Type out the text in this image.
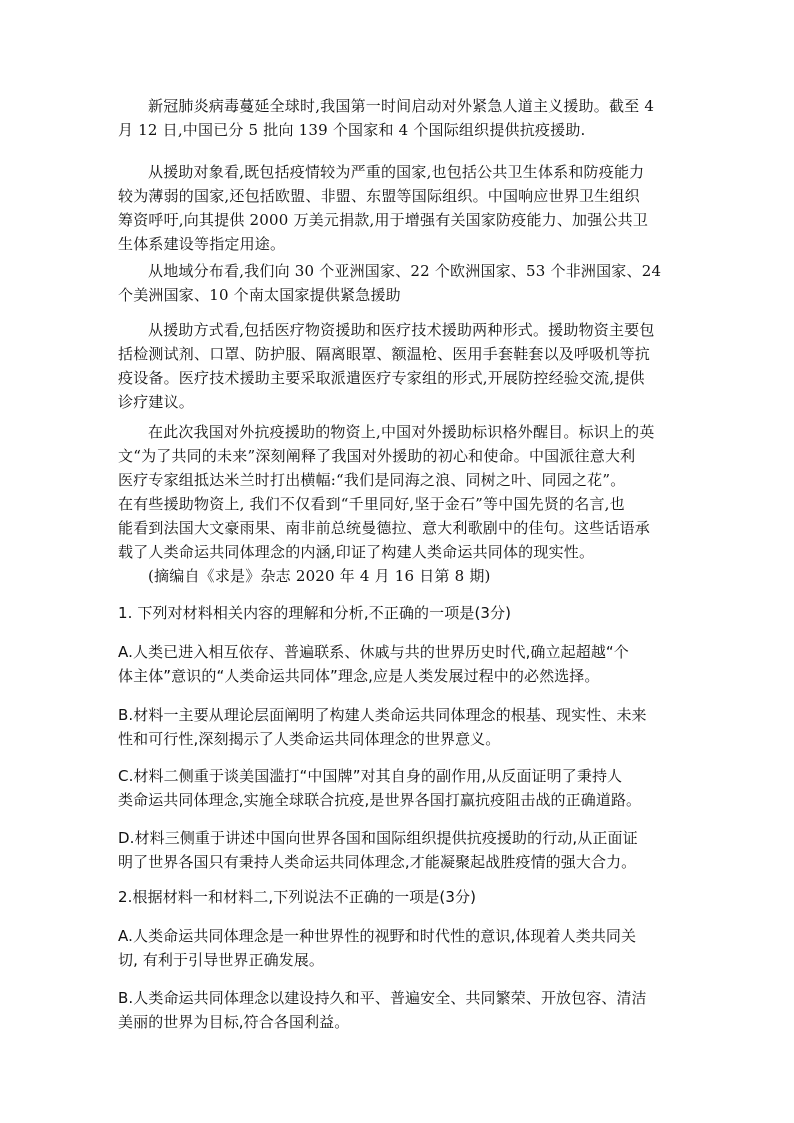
新冠肺炎病毒蔓延全球时,我国第一时间启动对外紧急人道主义援助。截至 4
月 12 日,中国已分 5 批向 139 个国家和 4 个国际组织提供抗疫援助.
从援助对象看,既包括疫情较为严重的国家,也包括公共卫生体系和防疫能力
较为薄弱的国家,还包括欧盟、非盟、东盟等国际组织。中国响应世界卫生组织
筹资呼吁,向其提供 2000 万美元捐款,用于增强有关国家防疫能力、加强公共卫
生体系建设等指定用途。
从地域分布看,我们向 30 个亚洲国家、22 个欧洲国家、53 个非洲国家、24
个美洲国家、10 个南太国家提供紧急援助
从援助方式看,包括医疗物资援助和医疗技术援助两种形式。援助物资主要包
括检测试剂、口罩、防护服、隔离眼罩、额温枪、医用手套鞋套以及呼吸机等抗
疫设备。医疗技术援助主要采取派遣医疗专家组的形式,开展防控经验交流,提供
诊疗建议。
在此次我国对外抗疫援助的物资上,中国对外援助标识格外醒目。标识上的英
文“为了共同的未来”深刻阐释了我国对外援助的初心和使命。中国派往意大利
医疗专家组抵达米兰时打出横幅:“我们是同海之浪、同树之叶、同园之花”。
在有些援助物资上, 我们不仅看到“千里同好,坚于金石”等中国先贤的名言,也
能看到法国大文豪雨果、南非前总统曼德拉、意大利歌剧中的佳句。这些话语承
载了人类命运共同体理念的内涵,印证了构建人类命运共同体的现实性。
(摘编自《求是》杂志 2020 年 4 月 16 日第 8 期)
1. 下列对材料相关内容的理解和分析,不正确的一项是(3分)
A.人类已进入相互依存、普遍联系、休戚与共的世界历史时代,确立起超越“个
体主体”意识的“人类命运共同体”理念,应是人类发展过程中的必然选择。
B.材料一主要从理论层面阐明了构建人类命运共同体理念的根基、现实性、未来
性和可行性,深刻揭示了人类命运共同体理念的世界意义。
C.材料二侧重于谈美国滥打“中国牌”对其自身的副作用,从反面证明了秉持人
类命运共同体理念,实施全球联合抗疫,是世界各国打赢抗疫阻击战的正确道路。
D.材料三侧重于讲述中国向世界各国和国际组织提供抗疫援助的行动,从正面证
明了世界各国只有秉持人类命运共同体理念,才能凝聚起战胜疫情的强大合力。
2.根据材料一和材料二,下列说法不正确的一项是(3分)
A.人类命运共同体理念是一种世界性的视野和时代性的意识,体现着人类共同关
切, 有利于引导世界正确发展。
B.人类命运共同体理念以建设持久和平、普遍安全、共同繁荣、开放包容、清洁
美丽的世界为目标,符合各国利益。
